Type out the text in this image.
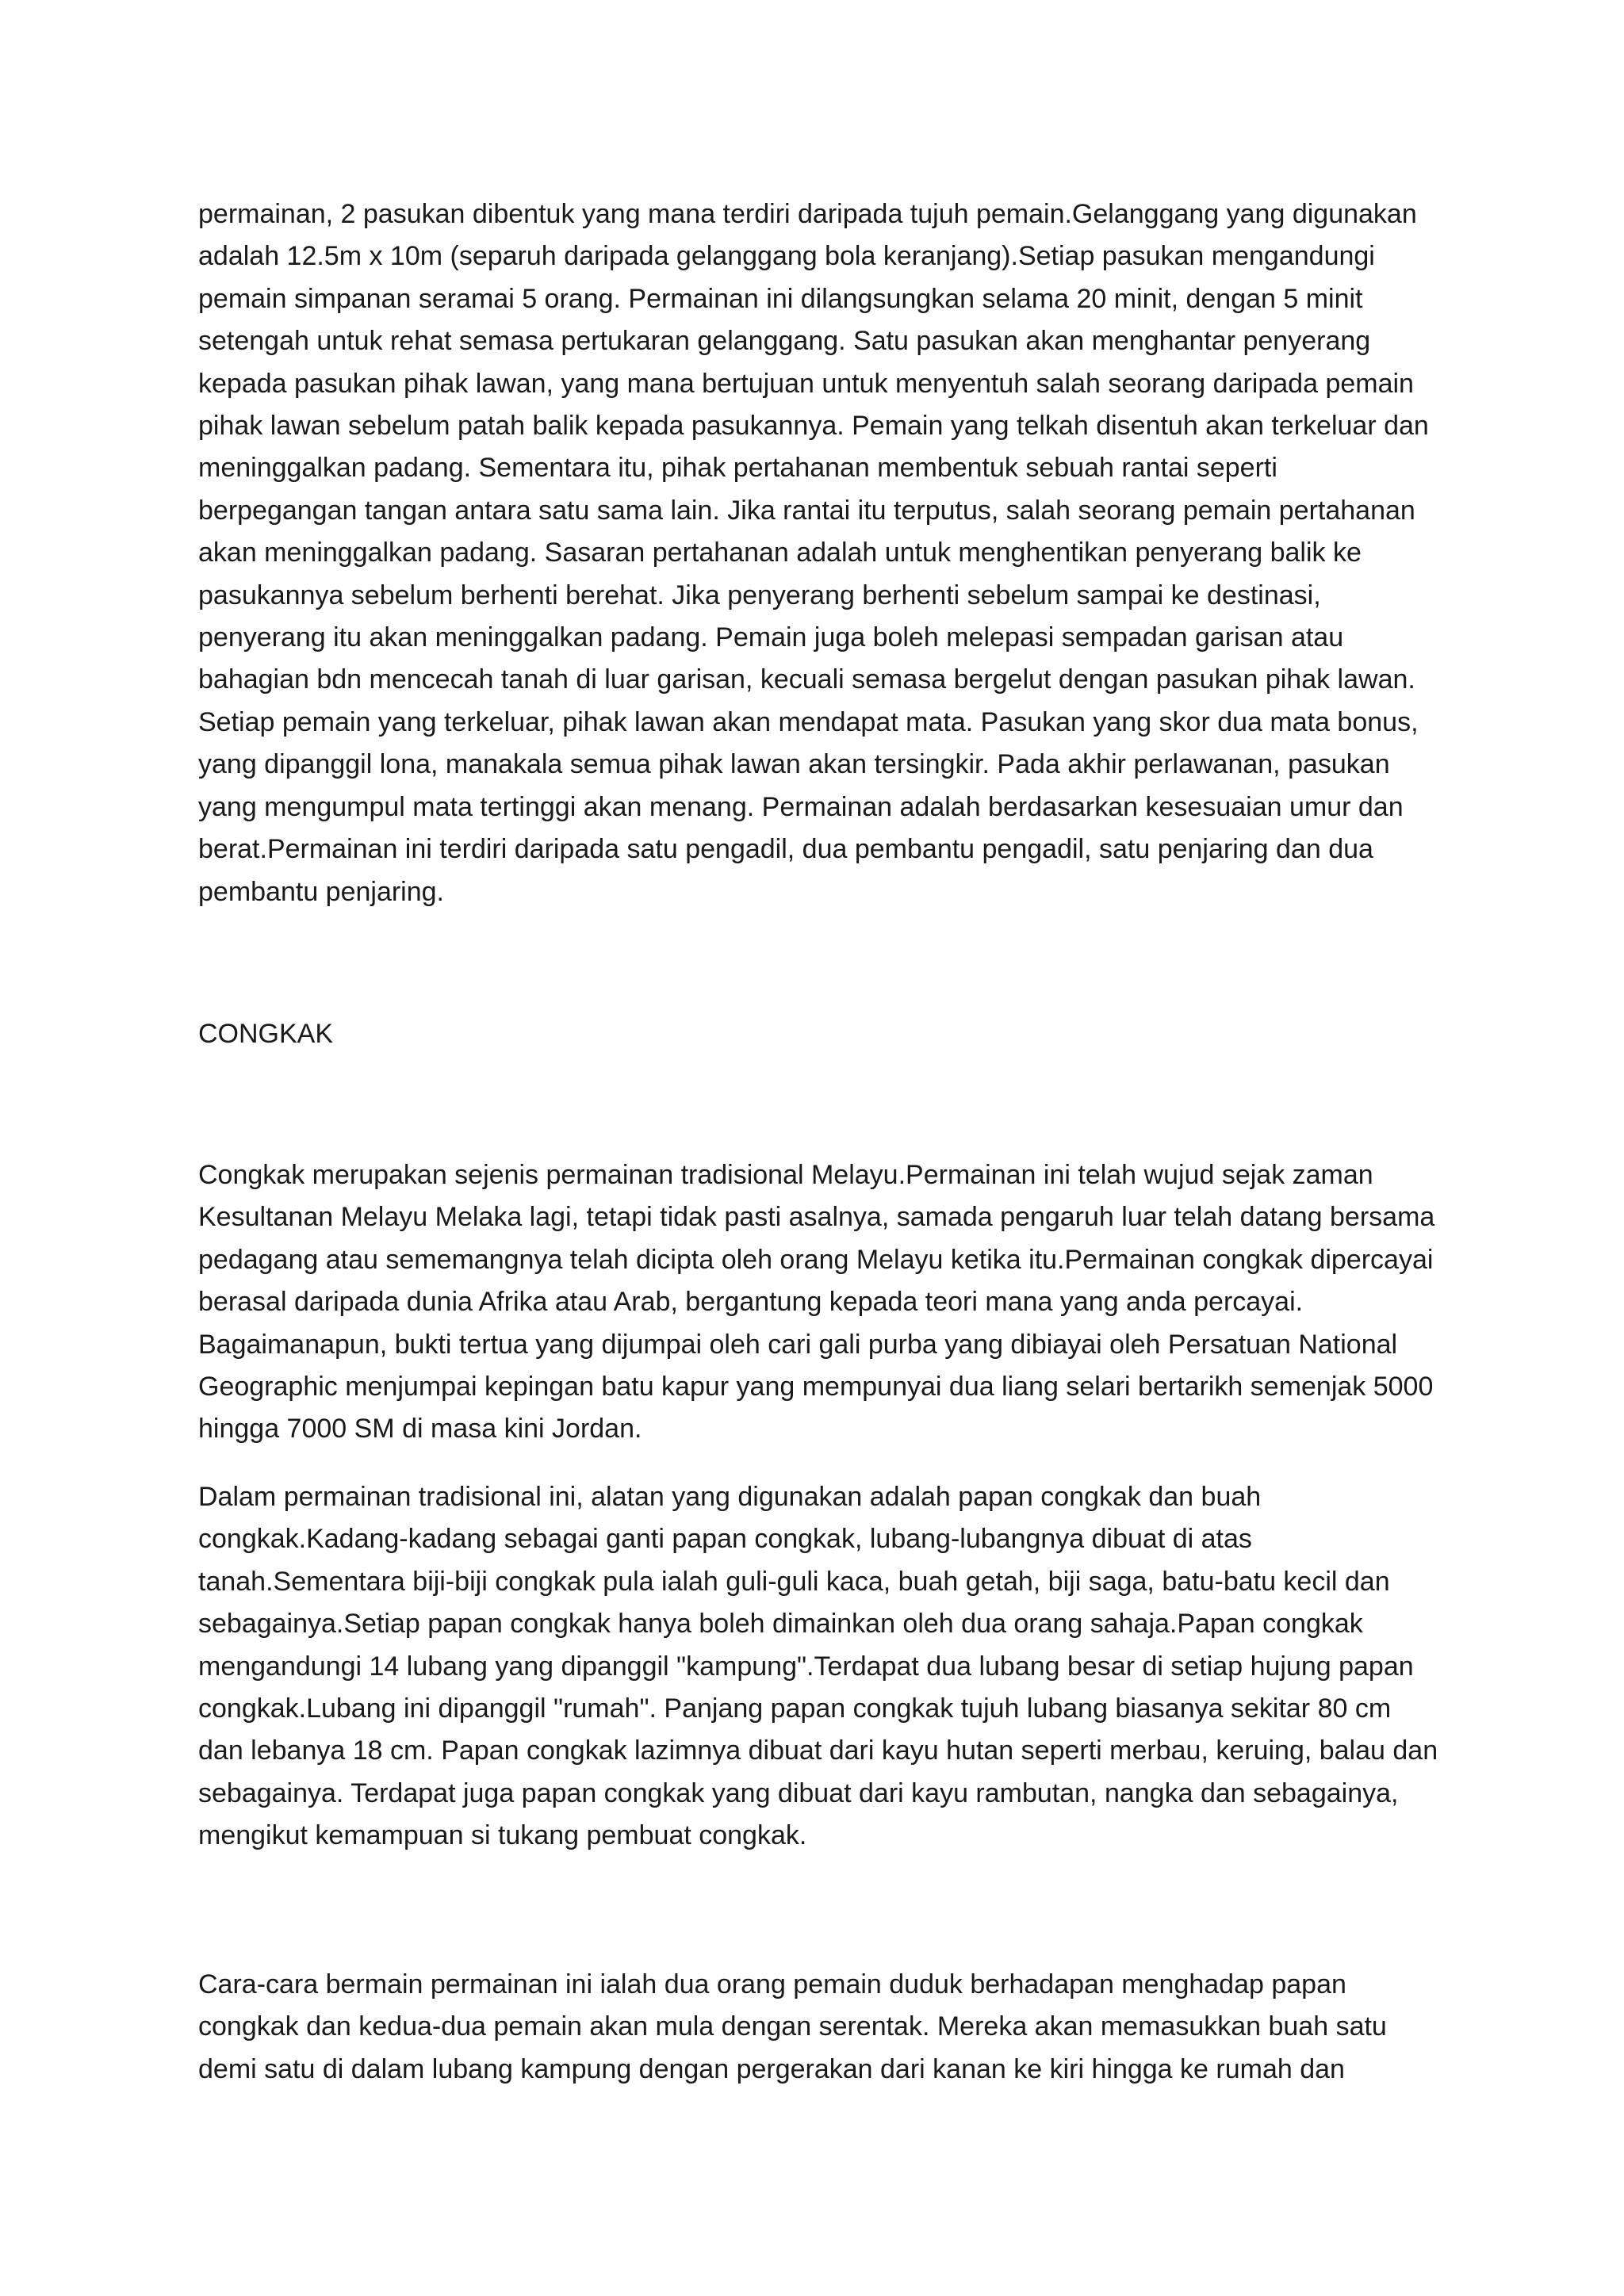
permainan, 2 pasukan dibentuk yang mana terdiri daripada tujuh pemain.Gelanggang yang digunakan adalah 12.5m x 10m (separuh daripada gelanggang bola keranjang).Setiap pasukan mengandungi pemain simpanan seramai 5 orang. Permainan ini dilangsungkan selama 20 minit, dengan 5 minit setengah untuk rehat semasa pertukaran gelanggang. Satu pasukan akan menghantar penyerang kepada pasukan pihak lawan, yang mana bertujuan untuk menyentuh salah seorang daripada pemain pihak lawan sebelum patah balik kepada pasukannya. Pemain yang telkah disentuh akan terkeluar dan meninggalkan padang. Sementara itu, pihak pertahanan membentuk sebuah rantai seperti berpegangan tangan antara satu sama lain. Jika rantai itu terputus, salah seorang pemain pertahanan akan meninggalkan padang. Sasaran pertahanan adalah untuk menghentikan penyerang balik ke pasukannya sebelum berhenti berehat. Jika penyerang berhenti sebelum sampai ke destinasi, penyerang itu akan meninggalkan padang. Pemain juga boleh melepasi sempadan garisan atau bahagian bdn mencecah tanah di luar garisan, kecuali semasa bergelut dengan pasukan pihak lawan. Setiap pemain yang terkeluar, pihak lawan akan mendapat mata. Pasukan yang skor dua mata bonus, yang dipanggil lona, manakala semua pihak lawan akan tersingkir. Pada akhir perlawanan, pasukan yang mengumpul mata tertinggi akan menang. Permainan adalah berdasarkan kesesuaian umur dan berat.Permainan ini terdiri daripada satu pengadil, dua pembantu pengadil, satu penjaring dan dua pembantu penjaring.

CONGKAK

Congkak merupakan sejenis permainan tradisional Melayu.Permainan ini telah wujud sejak zaman Kesultanan Melayu Melaka lagi, tetapi tidak pasti asalnya, samada pengaruh luar telah datang bersama pedagang atau sememangnya telah dicipta oleh orang Melayu ketika itu.Permainan congkak dipercayai berasal daripada dunia Afrika atau Arab, bergantung kepada teori mana yang anda percayai. Bagaimanapun, bukti tertua yang dijumpai oleh cari gali purba yang dibiayai oleh Persatuan National Geographic menjumpai kepingan batu kapur yang mempunyai dua liang selari bertarikh semenjak 5000 hingga 7000 SM di masa kini Jordan.

Dalam permainan tradisional ini, alatan yang digunakan adalah papan congkak dan buah congkak.Kadang-kadang sebagai ganti papan congkak, lubang-lubangnya dibuat di atas tanah.Sementara biji-biji congkak pula ialah guli-guli kaca, buah getah, biji saga, batu-batu kecil dan sebagainya.Setiap papan congkak hanya boleh dimainkan oleh dua orang sahaja.Papan congkak mengandungi 14 lubang yang dipanggil "kampung".Terdapat dua lubang besar di setiap hujung papan congkak.Lubang ini dipanggil "rumah". Panjang papan congkak tujuh lubang biasanya sekitar 80 cm dan lebanya 18 cm. Papan congkak lazimnya dibuat dari kayu hutan seperti merbau, keruing, balau dan sebagainya. Terdapat juga papan congkak yang dibuat dari kayu rambutan, nangka dan sebagainya, mengikut kemampuan si tukang pembuat congkak.

Cara-cara bermain permainan ini ialah dua orang pemain duduk berhadapan menghadap papan congkak dan kedua-dua pemain akan mula dengan serentak. Mereka akan memasukkan buah satu demi satu di dalam lubang kampung dengan pergerakan dari kanan ke kiri hingga ke rumah dan
